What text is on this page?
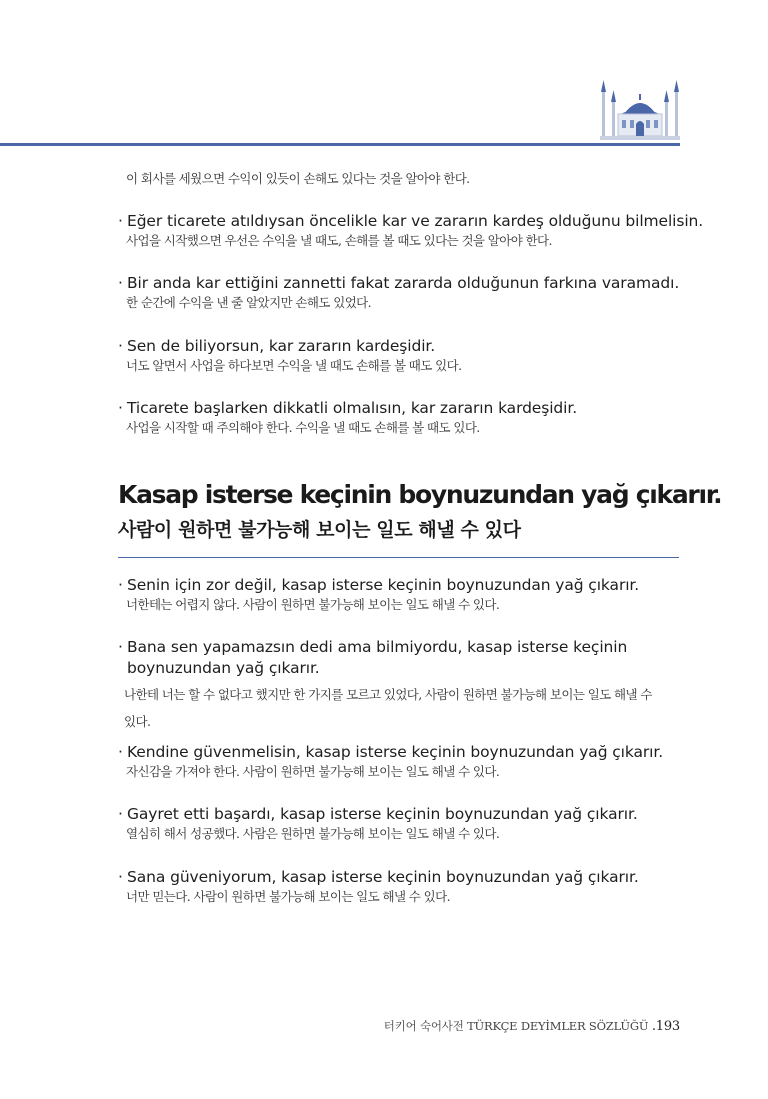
이 회사를 세웠으면 수익이 있듯이 손해도 있다는 것을 알아야 한다.
· Eğer ticarete atıldıysan öncelikle kar ve zararın kardeş olduğunu bilmelisin.
사업을 시작했으면 우선은 수익을 낼 때도, 손해를 볼 때도 있다는 것을 알아야 한다.
· Bir anda kar ettiğini zannetti fakat zararda olduğunun farkına varamadı.
한 순간에 수익을 낸 줄 알았지만 손해도 있었다.
· Sen de biliyorsun, kar zararın kardeşidir.
너도 알면서 사업을 하다보면 수익을 낼 때도 손해를 볼 때도 있다.
· Ticarete başlarken dikkatli olmalısın, kar zararın kardeşidir.
사업을 시작할 때 주의해야 한다. 수익을 낼 때도 손해를 볼 때도 있다.
Kasap isterse keçinin boynuzundan yağ çıkarır.
사람이 원하면 불가능해 보이는 일도 해낼 수 있다
· Senin için zor değil, kasap isterse keçinin boynuzundan yağ çıkarır.
너한테는 어렵지 않다. 사람이 원하면 불가능해 보이는 일도 해낼 수 있다.
· Bana sen yapamazsın dedi ama bilmiyordu, kasap isterse keçinin boynuzundan yağ çıkarır.
나한테 너는 할 수 없다고 했지만 한 가지를 모르고 있었다, 사람이 원하면 불가능해 보이는 일도 해낼 수 있다.
· Kendine güvenmelisin, kasap isterse keçinin boynuzundan yağ çıkarır.
자신감을 가져야 한다. 사람이 원하면 불가능해 보이는 일도 해낼 수 있다.
· Gayret etti başardı, kasap isterse keçinin boynuzundan yağ çıkarır.
열심히 해서 성공했다. 사람은 원하면 불가능해 보이는 일도 해낼 수 있다.
· Sana güveniyorum, kasap isterse keçinin boynuzundan yağ çıkarır.
너만 믿는다. 사람이 원하면 불가능해 보이는 일도 해낼 수 있다.
터키어 숙어사전 TÜRKÇE DEYİMLER SÖZLÜĞÜ .193
